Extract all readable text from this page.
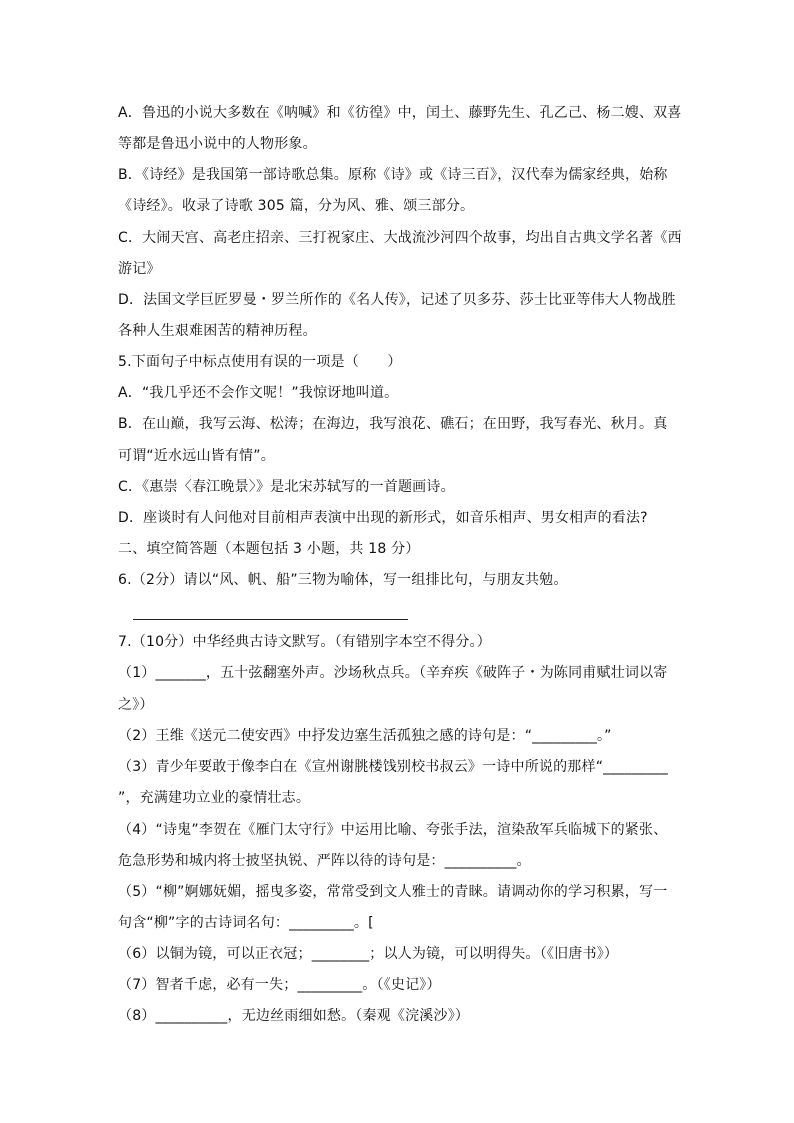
A．鲁迅的小说大多数在《呐喊》和《彷徨》中，闰土、藤野先生、孔乙己、杨二嫂、双喜
等都是鲁迅小说中的人物形象。
B．《诗经》是我国第一部诗歌总集。原称《诗》或《诗三百》，汉代奉为儒家经典，始称
《诗经》。收录了诗歌 305 篇，分为风、雅、颂三部分。
C．大闹天宫、高老庄招亲、三打祝家庄、大战流沙河四个故事，均出自古典文学名著《西
游记》
D．法国文学巨匠罗曼・罗兰所作的《名人传》，记述了贝多芬、莎士比亚等伟大人物战胜
各种人生艰难困苦的精神历程。
5.下面句子中标点使用有误的一项是（　　）
A．“我几乎还不会作文呢！”我惊讶地叫道。
B．在山巅，我写云海、松涛；在海边，我写浪花、礁石；在田野，我写春光、秋月。真
可谓“近水远山皆有情”。
C．《惠崇〈春江晚景〉》是北宋苏轼写的一首题画诗。
D．座谈时有人问他对目前相声表演中出现的新形式，如音乐相声、男女相声的看法?
二、填空简答题（本题包括 3 小题，共 18 分）
6.（2分）请以“风、帆、船”三物为喻体，写一组排比句，与朋友共勉。
7.（10分）中华经典古诗文默写。（有错别字本空不得分。）
（1）_______，五十弦翻塞外声。沙场秋点兵。（辛弃疾《破阵子・为陈同甫赋壮词以寄
之》）
（2）王维《送元二使安西》中抒发边塞生活孤独之感的诗句是：“_________。”
（3）青少年要敢于像李白在《宣州谢朓楼饯别校书叔云》一诗中所说的那样“_________
”，充满建功立业的豪情壮志。
（4）“诗鬼”李贺在《雁门太守行》中运用比喻、夸张手法，渲染敌军兵临城下的紧张、
危急形势和城内将士披坚执锐、严阵以待的诗句是：__________。
（5）“柳”婀娜妩媚，摇曳多姿，常常受到文人雅士的青睐。请调动你的学习积累，写一
句含“柳”字的古诗词名句：_________。[
（6）以铜为镜，可以正衣冠；________；以人为镜，可以明得失。（《旧唐书》）
（7）智者千虑，必有一失；_________。（《史记》）
（8）__________，无边丝雨细如愁。（秦观《浣溪沙》）
